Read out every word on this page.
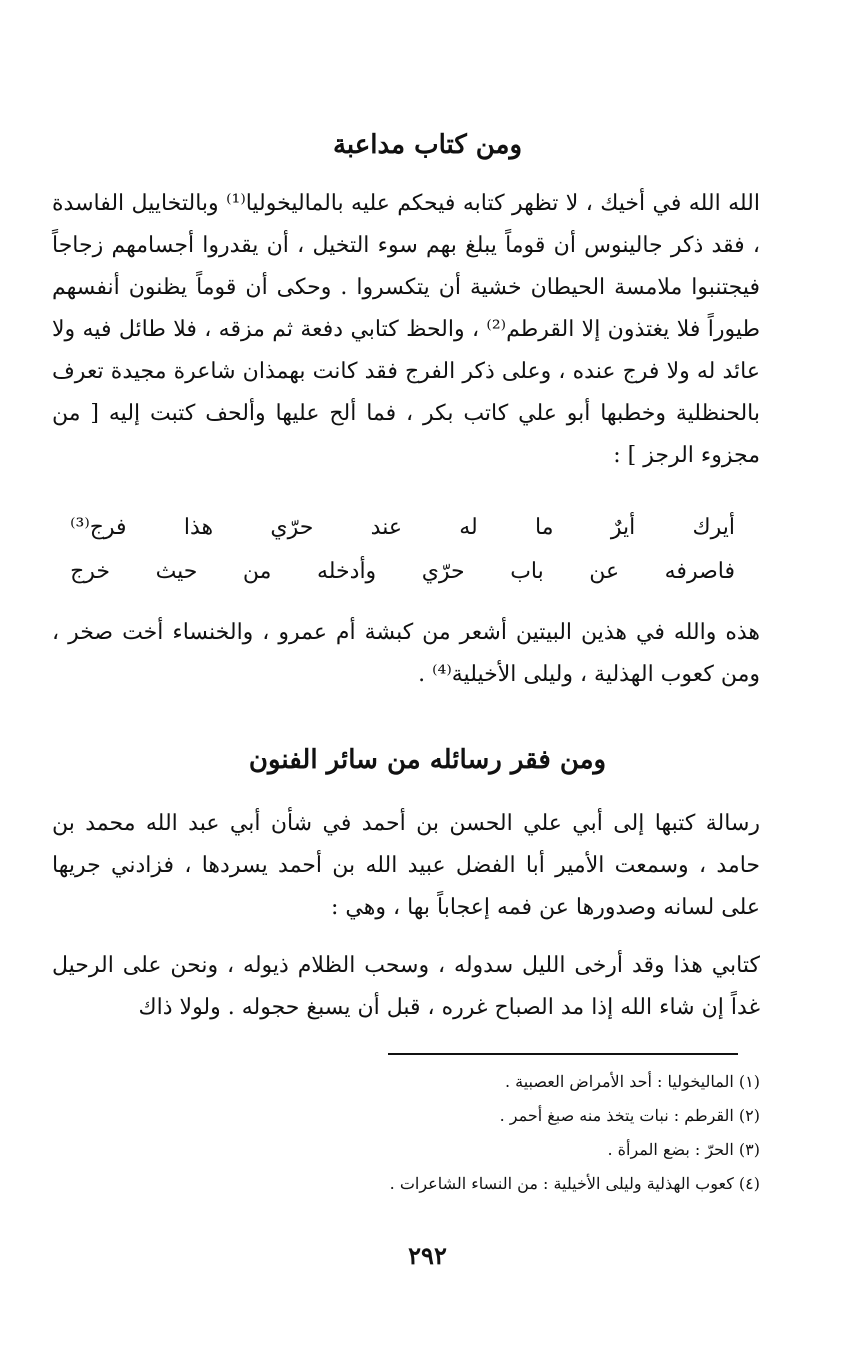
ومن كتاب مداعبة

الله الله في أخيك ، لا تظهر كتابه فيحكم عليه بالماليخوليا⁽¹⁾ وبالتخاييل الفاسدة ، فقد ذكر جالينوس أن قوماً يبلغ بهم سوء التخيل ، أن يقدروا أجسامهم زجاجاً فيجتنبوا ملامسة الحيطان خشية أن يتكسروا . وحكى أن قوماً يظنون أنفسهم طيوراً فلا يغتذون إلا القرطم⁽²⁾ ، والحظ كتابي دفعة ثم مزقه ، فلا طائل فيه ولا عائد له ولا فرج عنده ، وعلى ذكر الفرج فقد كانت بهمذان شاعرة مجيدة تعرف بالحنظلية وخطبها أبو علي كاتب بكر ، فما ألح عليها وألحف كتبت إليه [ من مجزوء الرجز ] :

أيرك
أيرٌ
ما
له
عند
حرّي
هذا
فرج⁽³⁾
فاصرفه
عن
باب
حرّي
وأدخله
من
حيث
خرج

هذه والله في هذين البيتين أشعر من كبشة أم عمرو ، والخنساء أخت صخر ، ومن كعوب الهذلية ، وليلى الأخيلية⁽⁴⁾ .

ومن فقر رسائله من سائر الفنون

رسالة كتبها إلى أبي علي الحسن بن أحمد في شأن أبي عبد الله محمد بن حامد ، وسمعت الأمير أبا الفضل عبيد الله بن أحمد يسردها ، فزادني جريها على لسانه وصدورها عن فمه إعجاباً بها ، وهي :

كتابي هذا وقد أرخى الليل سدوله ، وسحب الظلام ذيوله ، ونحن على الرحيل غداً إن شاء الله إذا مد الصباح غرره ، قبل أن يسبغ حجوله . ولولا ذاك

(١) الماليخوليا : أحد الأمراض العصبية .
(٢) القرطم : نبات يتخذ منه صبغ أحمر .
(٣) الحرّ : بضع المرأة .
(٤) كعوب الهذلية وليلى الأخيلية : من النساء الشاعرات .
٢٩٢
